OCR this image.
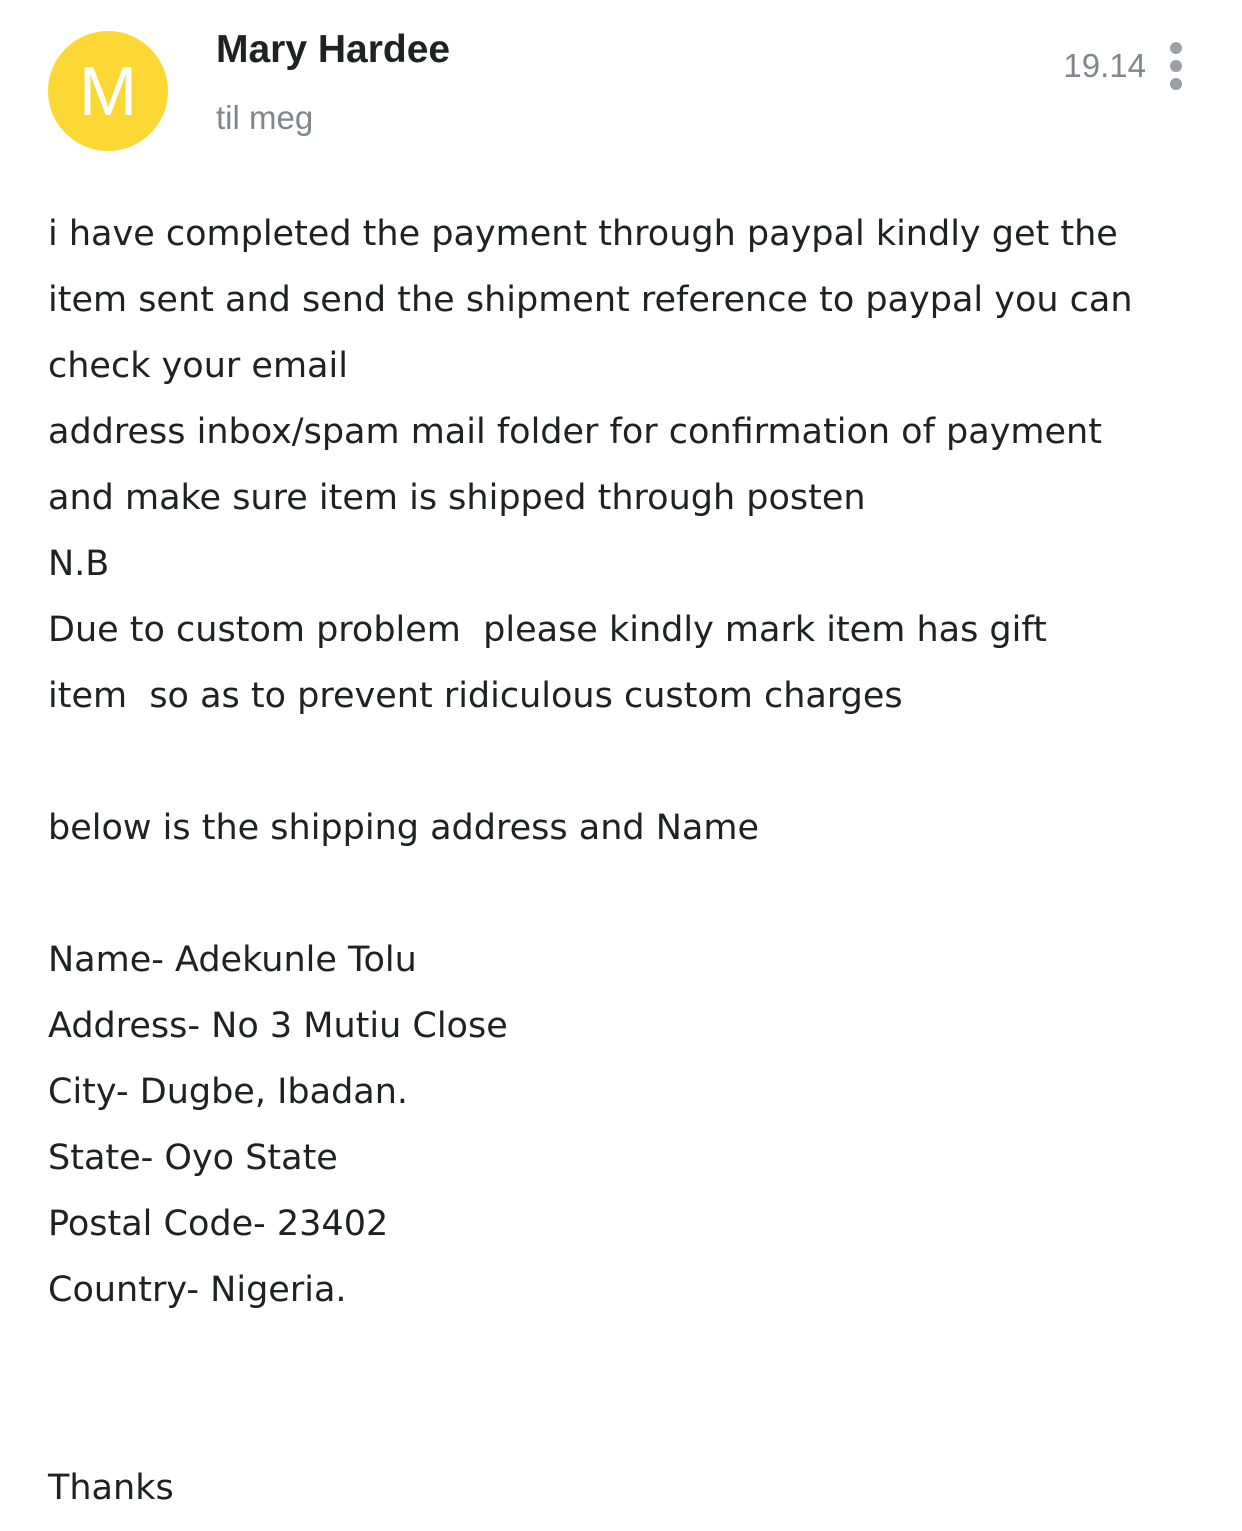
M
Mary Hardee
til meg
19.14
i have completed the payment through paypal kindly get the
item sent and send the shipment reference to paypal you can
check your email
address inbox/spam mail folder for confirmation of payment
and make sure item is shipped through posten
N.B
Due to custom problem  please kindly mark item has gift
item  so as to prevent ridiculous custom charges
below is the shipping address and Name
Name- Adekunle Tolu
Address- No 3 Mutiu Close
City- Dugbe, Ibadan.
State- Oyo State
Postal Code- 23402
Country- Nigeria.
Thanks
